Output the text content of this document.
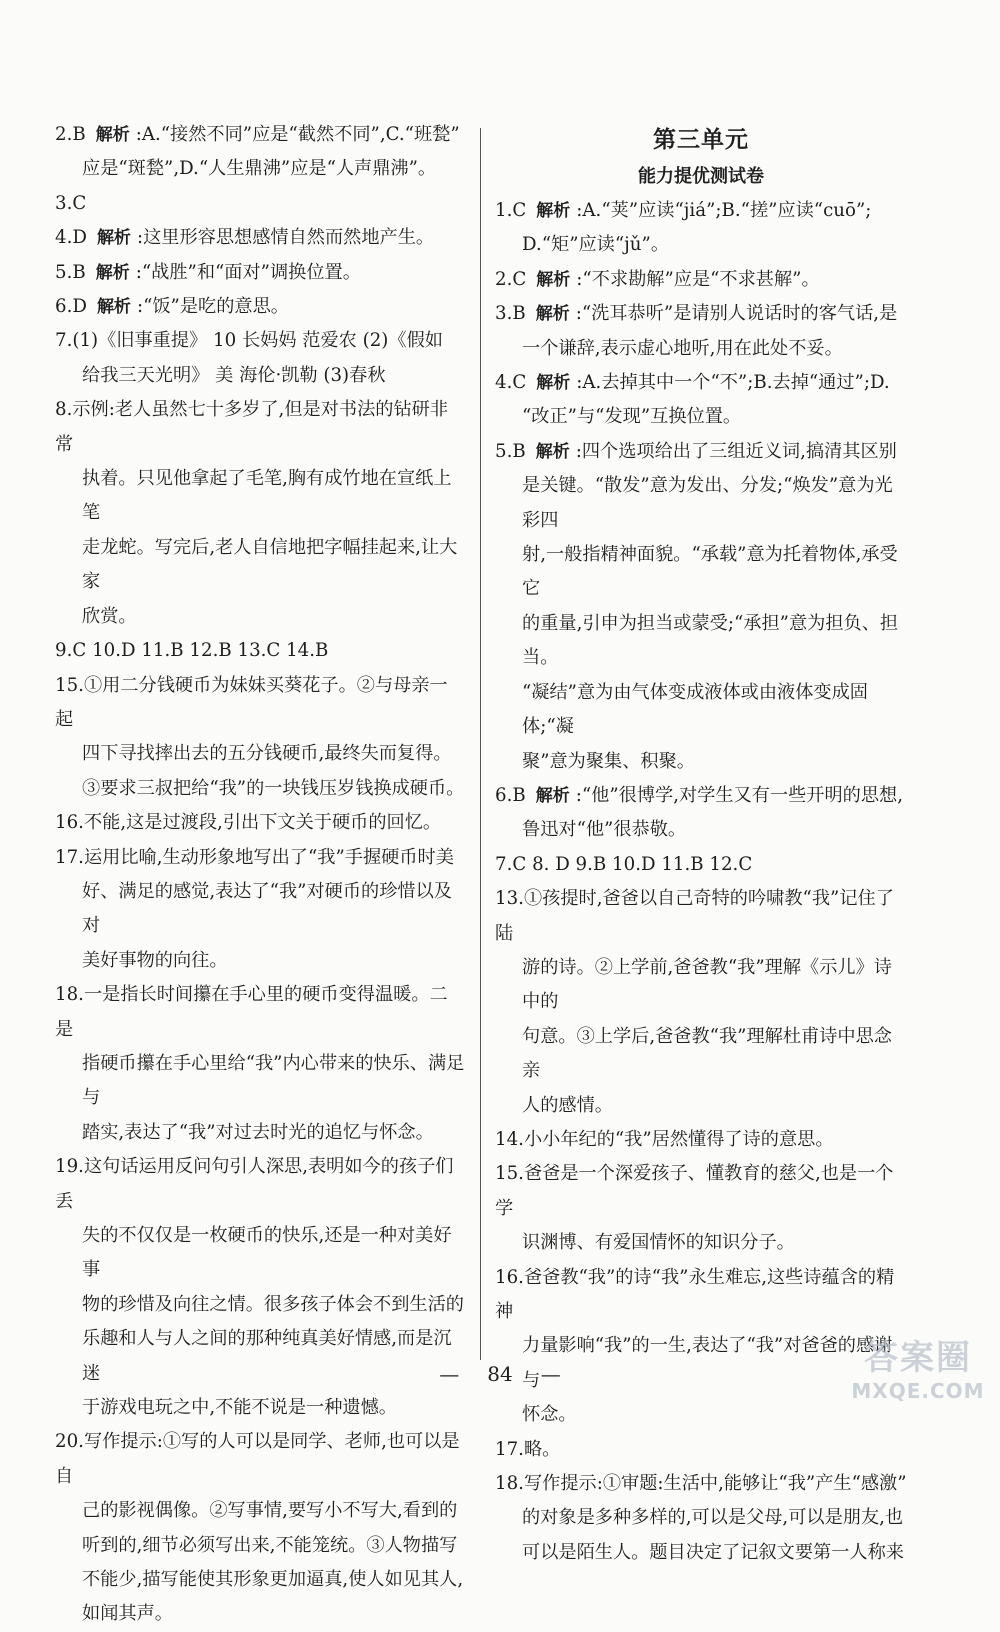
2.B 解析 :A.“接然不同”应是“截然不同”,C.“班甃”
应是“斑甃”,D.“人生鼎沸”应是“人声鼎沸”。
3.C
4.D 解析 :这里形容思想感情自然而然地产生。
5.B 解析 :“战胜”和“面对”调换位置。
6.D 解析 :“饭”是吃的意思。
7.(1)《旧事重提》 10 长妈妈 范爱农 (2)《假如
给我三天光明》 美 海伦·凯勒 (3)春秋
8.示例:老人虽然七十多岁了,但是对书法的钻研非常
执着。只见他拿起了毛笔,胸有成竹地在宣纸上笔
走龙蛇。写完后,老人自信地把字幅挂起来,让大家
欣赏。
9.C 10.D 11.B 12.B 13.C 14.B
15.①用二分钱硬币为妹妹买葵花子。②与母亲一起
四下寻找摔出去的五分钱硬币,最终失而复得。
③要求三叔把给“我”的一块钱压岁钱换成硬币。
16.不能,这是过渡段,引出下文关于硬币的回忆。
17.运用比喻,生动形象地写出了“我”手握硬币时美
好、满足的感觉,表达了“我”对硬币的珍惜以及对
美好事物的向往。
18.一是指长时间攥在手心里的硬币变得温暖。二是
指硬币攥在手心里给“我”内心带来的快乐、满足与
踏实,表达了“我”对过去时光的追忆与怀念。
19.这句话运用反问句引人深思,表明如今的孩子们丢
失的不仅仅是一枚硬币的快乐,还是一种对美好事
物的珍惜及向往之情。很多孩子体会不到生活的
乐趣和人与人之间的那种纯真美好情感,而是沉迷
于游戏电玩之中,不能不说是一种遗憾。
20.写作提示:①写的人可以是同学、老师,也可以是自
己的影视偶像。②写事情,要写小不写大,看到的
听到的,细节必须写出来,不能笼统。③人物描写
不能少,描写能使其形象更加逼真,使人如见其人,
如闻其声。
第三单元
能力提优测试卷
1.C 解析 :A.“荚”应读“jiá”;B.“搓”应读“cuō”;
D.“矩”应读“jǔ”。
2.C 解析 :“不求勘解”应是“不求甚解”。
3.B 解析 :“洗耳恭听”是请别人说话时的客气话,是
一个谦辞,表示虚心地听,用在此处不妥。
4.C 解析 :A.去掉其中一个“不”;B.去掉“通过”;D.
“改正”与“发现”互换位置。
5.B 解析 :四个选项给出了三组近义词,搞清其区别
是关键。“散发”意为发出、分发;“焕发”意为光彩四
射,一般指精神面貌。“承载”意为托着物体,承受它
的重量,引申为担当或蒙受;“承担”意为担负、担当。
“凝结”意为由气体变成液体或由液体变成固体;“凝
聚”意为聚集、积聚。
6.B 解析 :“他”很博学,对学生又有一些开明的思想,
鲁迅对“他”很恭敬。
7.C 8. D 9.B 10.D 11.B 12.C
13.①孩提时,爸爸以自己奇特的吟啸教“我”记住了陆
游的诗。②上学前,爸爸教“我”理解《示儿》诗中的
句意。③上学后,爸爸教“我”理解杜甫诗中思念亲
人的感情。
14.小小年纪的“我”居然懂得了诗的意思。
15.爸爸是一个深爱孩子、懂教育的慈父,也是一个学
识渊博、有爱国情怀的知识分子。
16.爸爸教“我”的诗“我”永生难忘,这些诗蕴含的精神
力量影响“我”的一生,表达了“我”对爸爸的感谢与
怀念。
17.略。
18.写作提示:①审题:生活中,能够让“我”产生“感激”
的对象是多种多样的,可以是父母,可以是朋友,也
可以是陌生人。题目决定了记叙文要第一人称来
— 84 —	答案圈
MXQE.COM
